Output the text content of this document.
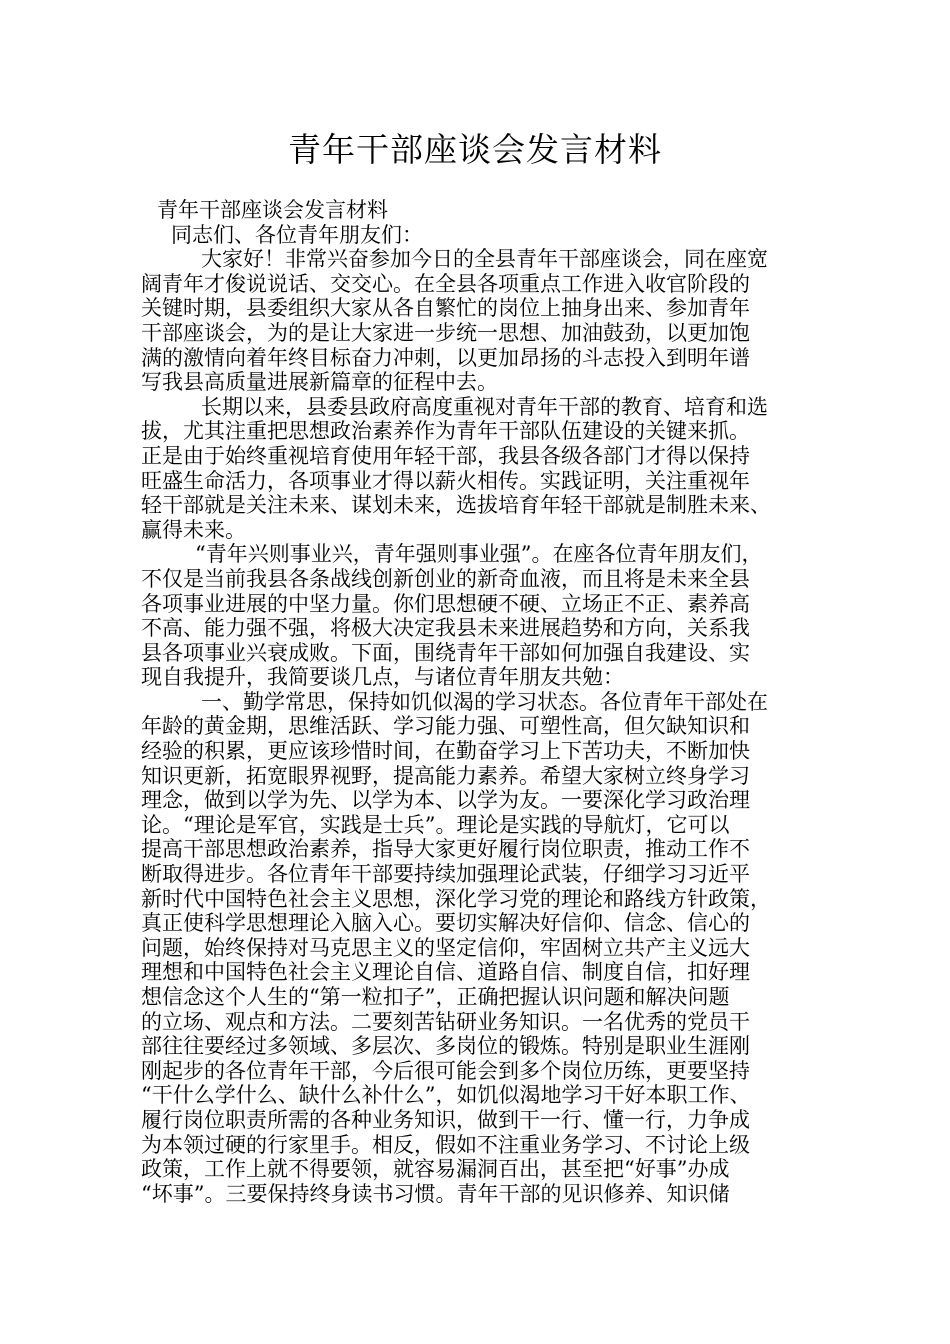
青年干部座谈会发言材料
青年干部座谈会发言材料
同志们、各位青年朋友们：
大家好！非常兴奋参加今日的全县青年干部座谈会，同在座宽
阔青年才俊说说话、交交心。在全县各项重点工作进入收官阶段的
关键时期，县委组织大家从各自繁忙的岗位上抽身出来、参加青年
干部座谈会，为的是让大家进一步统一思想、加油鼓劲，以更加饱
满的激情向着年终目标奋力冲刺，以更加昂扬的斗志投入到明年谱
写我县高质量进展新篇章的征程中去。
长期以来，县委县政府高度重视对青年干部的教育、培育和选
拔，尤其注重把思想政治素养作为青年干部队伍建设的关键来抓。
正是由于始终重视培育使用年轻干部，我县各级各部门才得以保持
旺盛生命活力，各项事业才得以薪火相传。实践证明，关注重视年
轻干部就是关注未来、谋划未来，选拔培育年轻干部就是制胜未来、
赢得未来。
“青年兴则事业兴，青年强则事业强”。在座各位青年朋友们，
不仅是当前我县各条战线创新创业的新奇血液，而且将是未来全县
各项事业进展的中坚力量。你们思想硬不硬、立场正不正、素养高
不高、能力强不强，将极大决定我县未来进展趋势和方向，关系我
县各项事业兴衰成败。下面，围绕青年干部如何加强自我建设、实
现自我提升，我简要谈几点，与诸位青年朋友共勉：
一、勤学常思，保持如饥似渴的学习状态。各位青年干部处在
年龄的黄金期，思维活跃、学习能力强、可塑性高，但欠缺知识和
经验的积累，更应该珍惜时间，在勤奋学习上下苦功夫，不断加快
知识更新，拓宽眼界视野，提高能力素养。希望大家树立终身学习
理念，做到以学为先、以学为本、以学为友。一要深化学习政治理
论。“理论是军官，实践是士兵”。理论是实践的导航灯，它可以
提高干部思想政治素养，指导大家更好履行岗位职责，推动工作不
断取得进步。各位青年干部要持续加强理论武装，仔细学习习近平
新时代中国特色社会主义思想，深化学习党的理论和路线方针政策，
真正使科学思想理论入脑入心。要切实解决好信仰、信念、信心的
问题，始终保持对马克思主义的坚定信仰，牢固树立共产主义远大
理想和中国特色社会主义理论自信、道路自信、制度自信，扣好理
想信念这个人生的“第一粒扣子”，正确把握认识问题和解决问题
的立场、观点和方法。二要刻苦钻研业务知识。一名优秀的党员干
部往往要经过多领域、多层次、多岗位的锻炼。特别是职业生涯刚
刚起步的各位青年干部，今后很可能会到多个岗位历练，更要坚持
“干什么学什么、缺什么补什么”，如饥似渴地学习干好本职工作、
履行岗位职责所需的各种业务知识，做到干一行、懂一行，力争成
为本领过硬的行家里手。相反，假如不注重业务学习、不讨论上级
政策，工作上就不得要领，就容易漏洞百出，甚至把“好事”办成
“坏事”。三要保持终身读书习惯。青年干部的见识修养、知识储
